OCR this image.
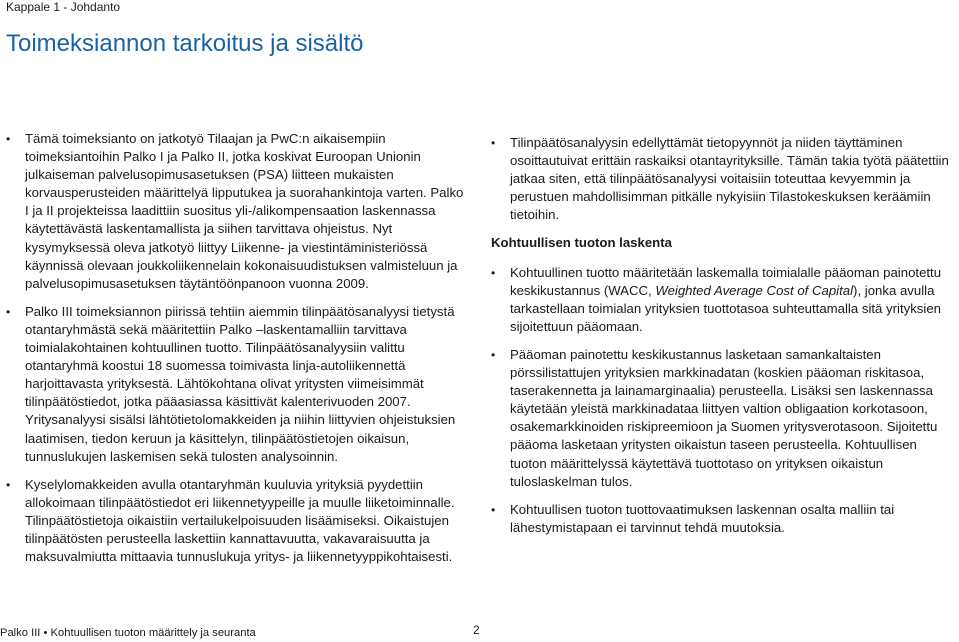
Kappale 1 - Johdanto
Toimeksiannon tarkoitus ja sisältö
• Tämä toimeksianto on jatkotyö Tilaajan ja PwC:n aikaisempiin toimeksiantoihin Palko I ja Palko II, jotka koskivat Euroopan Unionin julkaiseman palvelusopimusasetuksen (PSA) liitteen mukaisten korvausperusteiden määrittelyä lipputukea ja suorahankintoja varten. Palko I ja II projekteissa laadittiin suositus yli-/alikompensaation laskennassa käytettävästä laskentamallista ja siihen tarvittava ohjeistus. Nyt kysymyksessä oleva jatkotyö liittyy Liikenne- ja viestintäministeriössä käynnissä olevaan joukkoliikennelain kokonaisuudistuksen valmisteluun ja palvelusopimusasetuksen täytäntöönpanoon vuonna 2009.

• Palko III toimeksiannon piirissä tehtiin aiemmin tilinpäätösanalyysi tietystä otantaryhmästä sekä määritettiin Palko –laskentamalliin tarvittava toimialakohtainen kohtuullinen tuotto. Tilinpäätösanalyysiin valittu otantaryhmä koostui 18 suomessa toimivasta linja-autoliikennettä harjoittavasta yrityksestä. Lähtökohtana olivat yritysten viimeisimmät tilinpäätöstiedot, jotka pääasiassa käsittivät kalenterivuoden 2007. Yritysanalyysi sisälsi lähtötietolomakkeiden ja niihin liittyvien ohjeistuksien laatimisen, tiedon keruun ja käsittelyn, tilinpäätöstietojen oikaisun, tunnuslukujen laskemisen sekä tulosten analysoinnin.

• Kyselylomakkeiden avulla otantaryhmän kuuluvia yrityksiä pyydettiin allokoimaan tilinpäätöstiedot eri liikennetyypeille ja muulle liiketoiminnalle. Tilinpäätöstietoja oikaistiin vertailukelpoisuuden lisäämiseksi. Oikaistujen tilinpäätösten perusteella laskettiin kannattavuutta, vakavaraisuutta ja maksuvalmiutta mittaavia tunnuslukuja yritys- ja liikennetyyppikohtaisesti.

• Tilinpäätösanalyysin edellyttämät tietopyynnöt ja niiden täyttäminen osoittautuivat erittäin raskaiksi otantayrityksille. Tämän takia työtä päätettiin jatkaa siten, että tilinpäätösanalyysi voitaisiin toteuttaa kevyemmin ja perustuen mahdollisimman pitkälle nykyisiin Tilastokeskuksen keräämiin tietoihin.

Kohtuullisen tuoton laskenta
• Kohtuullinen tuotto määritetään laskemalla toimialalle pääoman painotettu keskikustannus (WACC, Weighted Average Cost of Capital), jonka avulla tarkastellaan toimialan yrityksien tuottotasoa suhteuttamalla sitä yrityksien sijoitettuun pääomaan.

• Pääoman painotettu keskikustannus lasketaan samankaltaisten pörssilistattujen yrityksien markkinadatan (koskien pääoman riskitasoa, taserakennetta ja lainamarginaalia) perusteella. Lisäksi sen laskennassa käytetään yleistä markkinadataa liittyen valtion obligaation korkotasoon, osakemarkkinoiden riskipreemioon ja Suomen yritysverotasoon. Sijoitettu pääoma lasketaan yritysten oikaistun taseen perusteella. Kohtuullisen tuoton määrittelyssä käytettävä tuottotaso on yrityksen oikaistun tuloslaskelman tulos.

• Kohtuullisen tuoton tuottovaatimuksen laskennan osalta malliin tai lähestymistapaan ei tarvinnut tehdä muutoksia.

Palko III • Kohtuullisen tuoton määrittely ja seuranta	2
